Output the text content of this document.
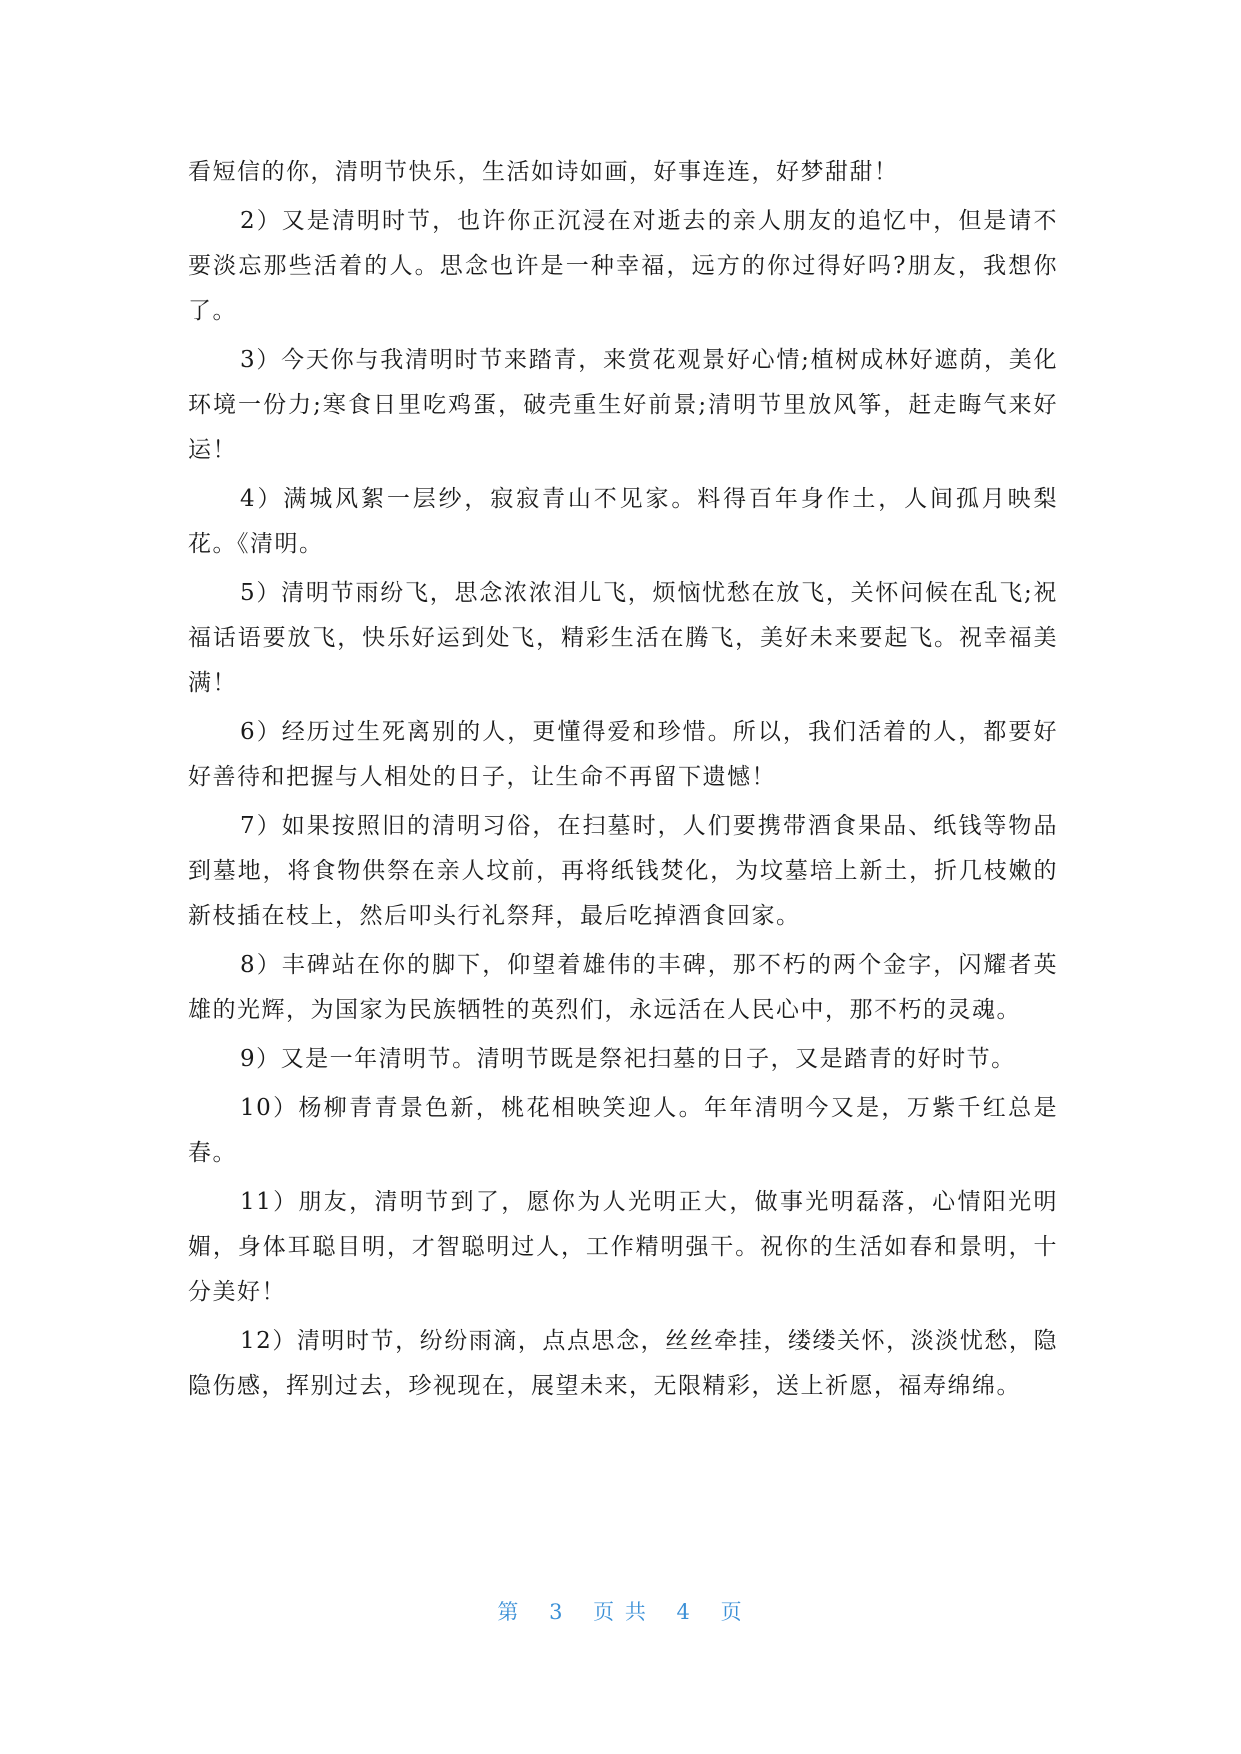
看短信的你，清明节快乐，生活如诗如画，好事连连，好梦甜甜！

2）又是清明时节，也许你正沉浸在对逝去的亲人朋友的追忆中，但是请不要淡忘那些活着的人。思念也许是一种幸福，远方的你过得好吗?朋友，我想你了。

3）今天你与我清明时节来踏青，来赏花观景好心情;植树成林好遮荫，美化环境一份力;寒食日里吃鸡蛋，破壳重生好前景;清明节里放风筝，赶走晦气来好运！

4）满城风絮一层纱，寂寂青山不见家。料得百年身作土，人间孤月映梨花。《清明。

5）清明节雨纷飞，思念浓浓泪儿飞，烦恼忧愁在放飞，关怀问候在乱飞;祝福话语要放飞，快乐好运到处飞，精彩生活在腾飞，美好未来要起飞。祝幸福美满！

6）经历过生死离别的人，更懂得爱和珍惜。所以，我们活着的人，都要好好善待和把握与人相处的日子，让生命不再留下遗憾！

7）如果按照旧的清明习俗，在扫墓时，人们要携带酒食果品、纸钱等物品到墓地，将食物供祭在亲人坟前，再将纸钱焚化，为坟墓培上新土，折几枝嫩的新枝插在枝上，然后叩头行礼祭拜，最后吃掉酒食回家。

8）丰碑站在你的脚下，仰望着雄伟的丰碑，那不朽的两个金字，闪耀者英雄的光辉，为国家为民族牺牲的英烈们，永远活在人民心中，那不朽的灵魂。

9）又是一年清明节。清明节既是祭祀扫墓的日子，又是踏青的好时节。

10）杨柳青青景色新，桃花相映笑迎人。年年清明今又是，万紫千红总是春。

11）朋友，清明节到了，愿你为人光明正大，做事光明磊落，心情阳光明媚，身体耳聪目明，才智聪明过人，工作精明强干。祝你的生活如春和景明，十分美好！

12）清明时节，纷纷雨滴，点点思念，丝丝牵挂，缕缕关怀，淡淡忧愁，隐隐伤感，挥别过去，珍视现在，展望未来，无限精彩，送上祈愿，福寿绵绵。

第 3 页 共 4 页
